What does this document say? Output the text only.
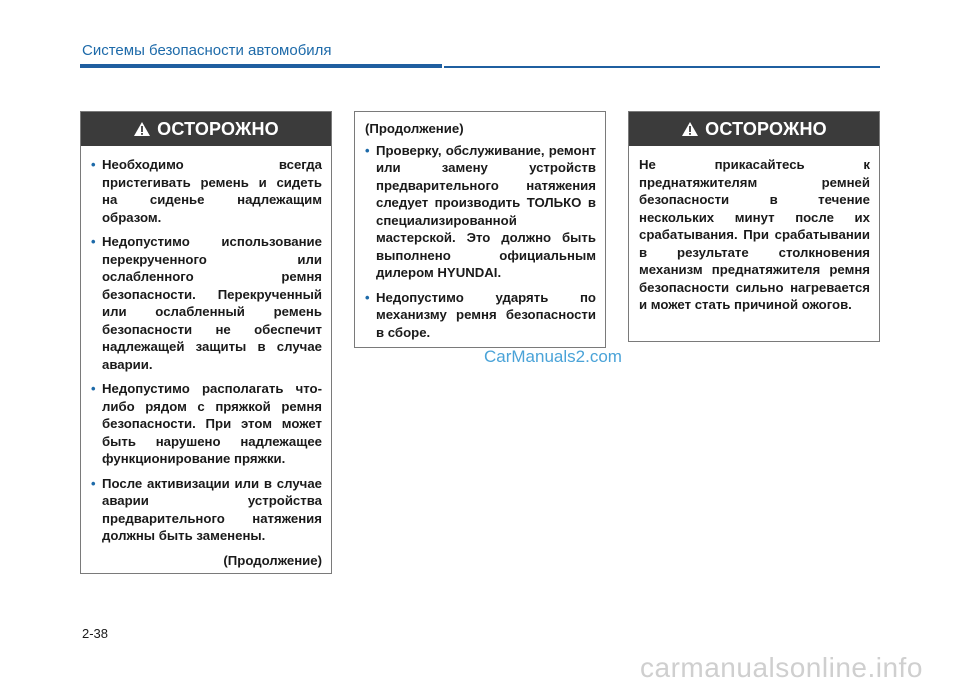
Системы безопасности автомобиля
ОСТОРОЖНО
• Необходимо всегда пристегивать ремень и сидеть на сиденье надлежащим образом.
• Недопустимо использование перекрученного или ослабленного ремня безопасности. Перекрученный или ослабленный ремень безопасности не обеспечит надлежащей защиты в случае аварии.
• Недопустимо располагать что-либо рядом с пряжкой ремня безопасности. При этом может быть нарушено надлежащее функционирование пряжки.
• После активизации или в случае аварии устройства предварительного натяжения должны быть заменены.
(Продолжение)
(Продолжение)
• Проверку, обслуживание, ремонт или замену устройств предварительного натяжения следует производить ТОЛЬКО в специализированной мастерской. Это должно быть выполнено официальным дилером HYUNDAI.
• Недопустимо ударять по механизму ремня безопасности в сборе.
ОСТОРОЖНО
Не прикасайтесь к преднатяжителям ремней безопасности в течение нескольких минут после их срабатывания. При срабатывании в результате столкновения механизм преднатяжителя ремня безопасности сильно нагревается и может стать причиной ожогов.
CarManuals2.com
2-38
carmanualsonline.info
